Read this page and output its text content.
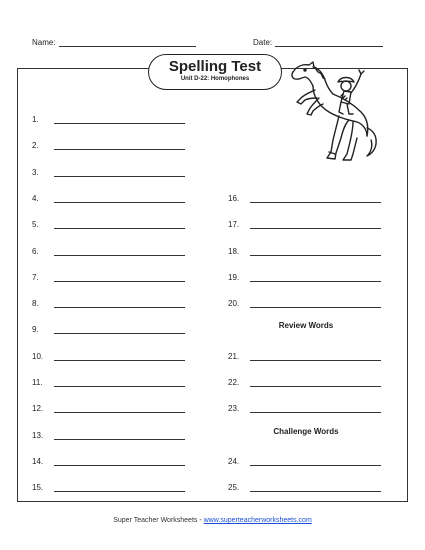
Name:	Date:
Spelling Test
Unit D-22: Homophones
1.
2.
3.
4.
5.
6.
7.
8.
9.
10.
11.
12.
13.
14.
15.
Review Words
Challenge Words
16.
17.
18.
19.
20.
21.
22.
23.
24.
25.
Super Teacher Worksheets - www.superteacherworksheets.com
